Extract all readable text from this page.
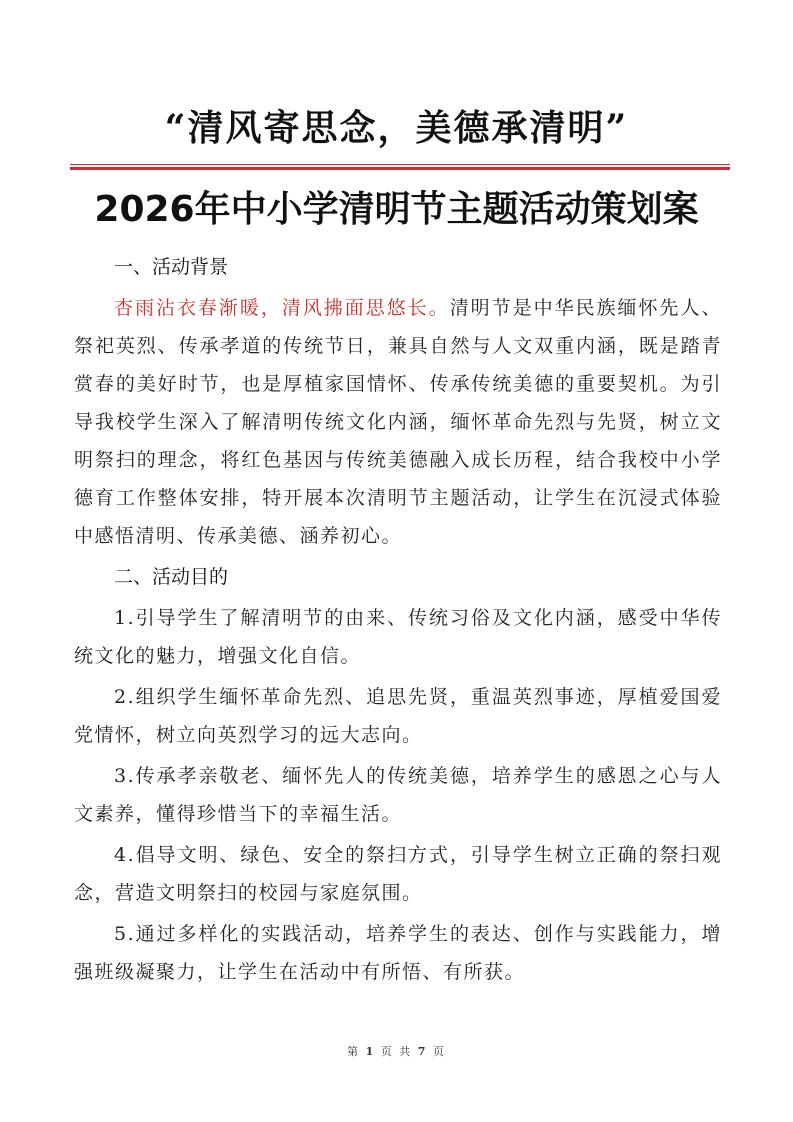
“清风寄思念，美德承清明”
2026年中小学清明节主题活动策划案
一、活动背景

杏雨沾衣春渐暖，清风拂面思悠长。清明节是中华民族缅怀先人、祭祀英烈、传承孝道的传统节日，兼具自然与人文双重内涵，既是踏青赏春的美好时节，也是厚植家国情怀、传承传统美德的重要契机。为引导我校学生深入了解清明传统文化内涵，缅怀革命先烈与先贤，树立文明祭扫的理念，将红色基因与传统美德融入成长历程，结合我校中小学德育工作整体安排，特开展本次清明节主题活动，让学生在沉浸式体验中感悟清明、传承美德、涵养初心。

二、活动目的

1.引导学生了解清明节的由来、传统习俗及文化内涵，感受中华传统文化的魅力，增强文化自信。

2.组织学生缅怀革命先烈、追思先贤，重温英烈事迹，厚植爱国爱党情怀，树立向英烈学习的远大志向。

3.传承孝亲敬老、缅怀先人的传统美德，培养学生的感恩之心与人文素养，懂得珍惜当下的幸福生活。

4.倡导文明、绿色、安全的祭扫方式，引导学生树立正确的祭扫观念，营造文明祭扫的校园与家庭氛围。

5.通过多样化的实践活动，培养学生的表达、创作与实践能力，增强班级凝聚力，让学生在活动中有所悟、有所获。

第 1 页 共 7 页
